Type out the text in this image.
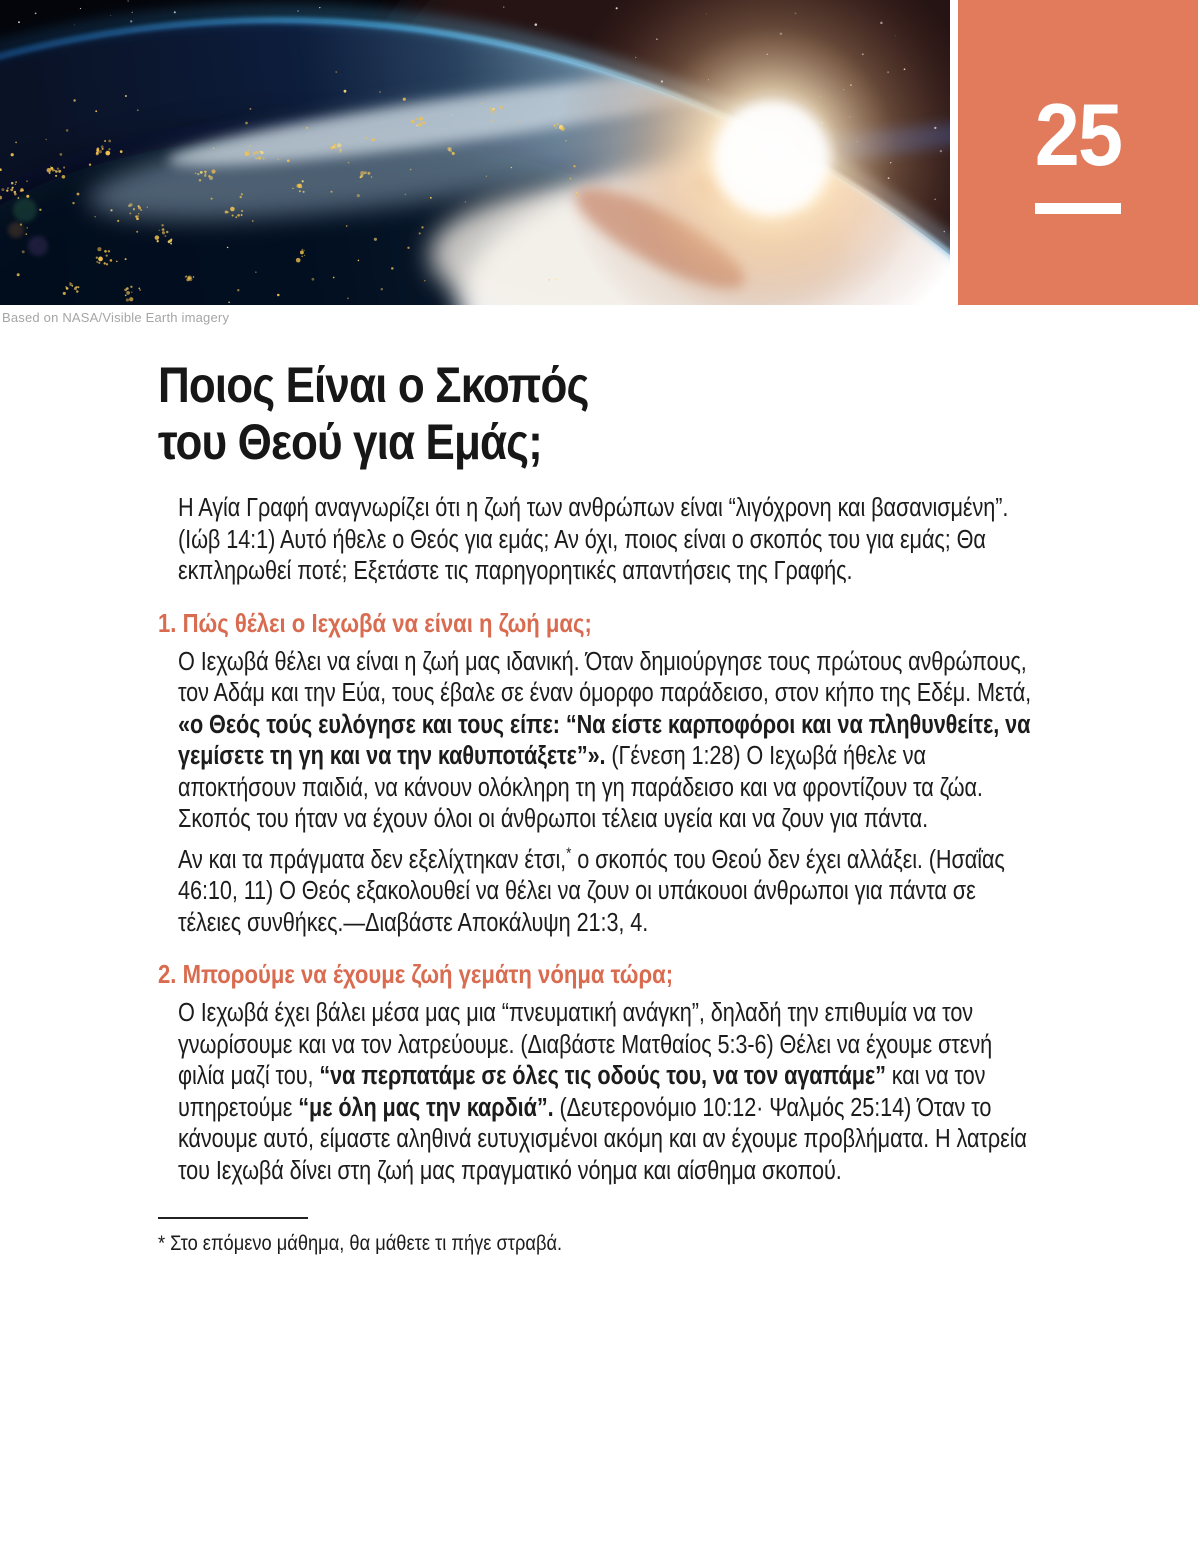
25
Based on NASA/Visible Earth imagery
Ποιος Είναι ο Σκοπός
του Θεού για Εμάς;

Η Αγία Γραφή αναγνωρίζει ότι η ζωή των ανθρώπων είναι “λιγόχρονη και βασανισμένη”. (Ιώβ 14:1) Αυτό ήθελε ο Θεός για εμάς; Αν όχι, ποιος είναι ο σκοπός του για εμάς; Θα εκπληρωθεί ποτέ; Εξετάστε τις παρηγορητικές απαντήσεις της Γραφής.

1. Πώς θέλει ο Ιεχωβά να είναι η ζωή μας;

Ο Ιεχωβά θέλει να είναι η ζωή μας ιδανική. Όταν δημιούργησε τους πρώτους ανθρώπους, τον Αδάμ και την Εύα, τους έβαλε σε έναν όμορφο παράδεισο, στον κήπο της Εδέμ. Μετά, «ο Θεός τούς ευλόγησε και τους είπε: “Να είστε καρποφόροι και να πληθυνθείτε, να γεμίσετε τη γη και να την καθυποτάξετε”». (Γένεση 1:28) Ο Ιεχωβά ήθελε να αποκτήσουν παιδιά, να κάνουν ολόκληρη τη γη παράδεισο και να φροντίζουν τα ζώα. Σκοπός του ήταν να έχουν όλοι οι άνθρωποι τέλεια υγεία και να ζουν για πάντα.

Αν και τα πράγματα δεν εξελίχτηκαν έτσι,* ο σκοπός του Θεού δεν έχει αλλάξει. (Ησαΐας 46:10, 11) Ο Θεός εξακολουθεί να θέλει να ζουν οι υπάκουοι άνθρωποι για πάντα σε τέλειες συνθήκες.—Διαβάστε Αποκάλυψη 21:3, 4.

2. Μπορούμε να έχουμε ζωή γεμάτη νόημα τώρα;

Ο Ιεχωβά έχει βάλει μέσα μας μια “πνευματική ανάγκη”, δηλαδή την επιθυμία να τον γνωρίσουμε και να τον λατρεύουμε. (Διαβάστε Ματθαίος 5:3-6) Θέλει να έχουμε στενή φιλία μαζί του, “να περπατάμε σε όλες τις οδούς του, να τον αγαπάμε” και να τον υπηρετούμε “με όλη μας την καρδιά”. (Δευτερονόμιο 10:12· Ψαλμός 25:14) Όταν το κάνουμε αυτό, είμαστε αληθινά ευτυχισμένοι ακόμη και αν έχουμε προβλήματα. Η λατρεία του Ιεχωβά δίνει στη ζωή μας πραγματικό νόημα και αίσθημα σκοπού.

* Στο επόμενο μάθημα, θα μάθετε τι πήγε στραβά.
